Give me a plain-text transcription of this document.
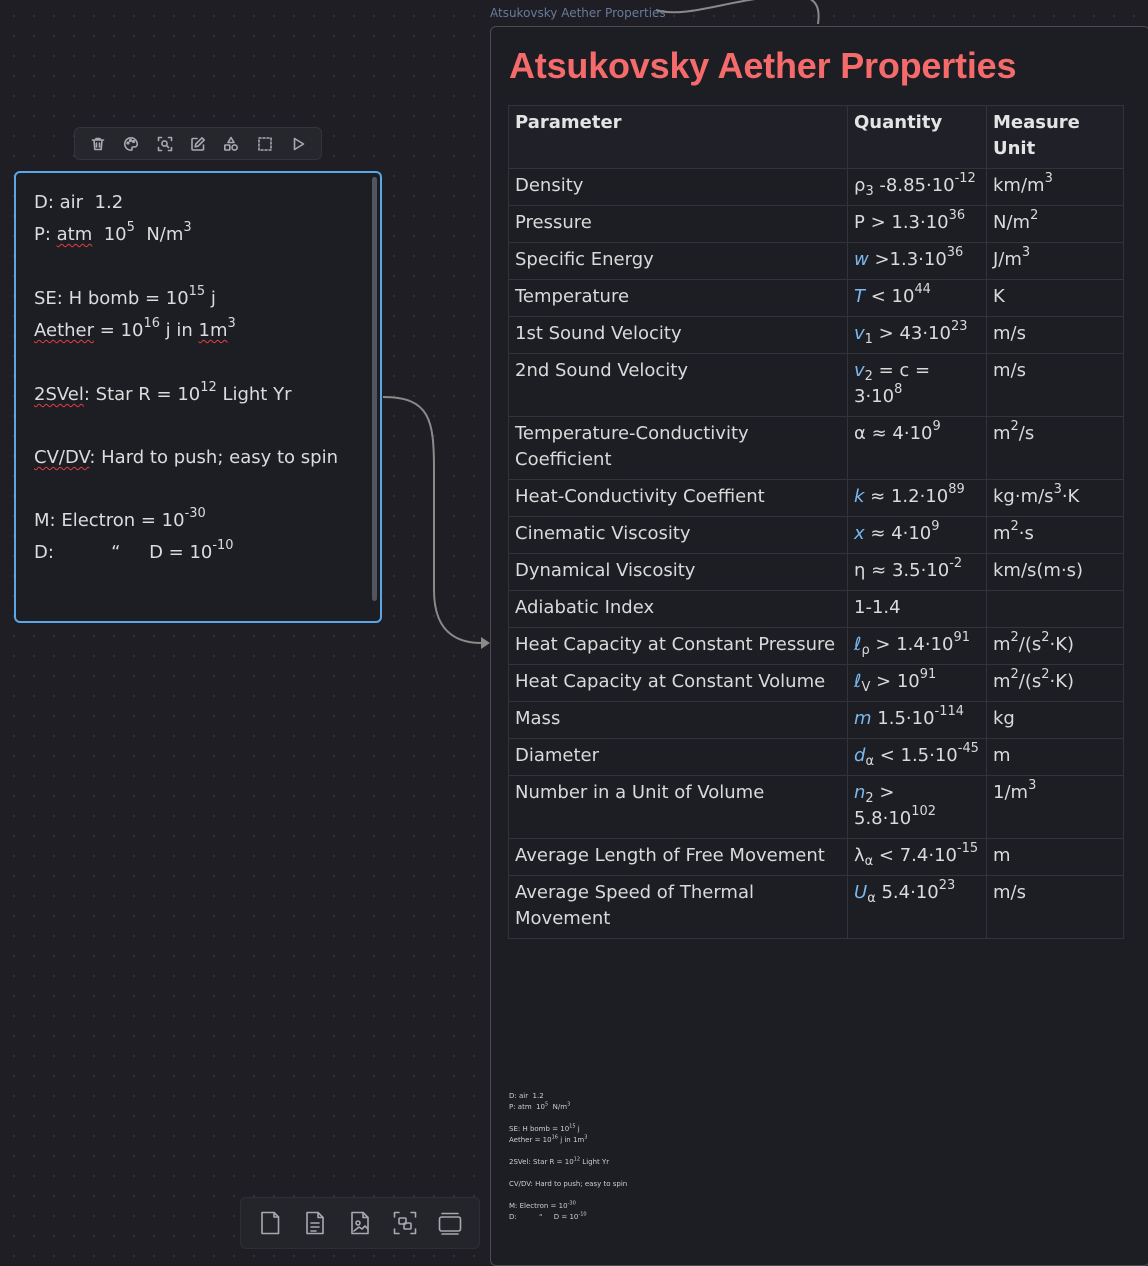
D: air  1.2
P: atm  $10^5$  $N/m^3$
SE: H bomb = $10^{15}$ j
Aether = $10^{16}$ j in $1m^3$
2SVel: Star $R = 10^{12}$ Light Yr
CV/DV: Hard to push; easy to spin
M: Electron = $10^{-30}$
D:          “     $D = 10^{-10}$
Atsukovsky Aether Properties
Atsukovsky Aether Properties
Parameter	Quantity	Measure Unit
Density	$\rho_3$ $-8.85\cdot 10^{-12}$	$km/m^3$
Pressure	$P > 1.3\cdot 10^{36}$	$N/m^2$
Specific Energy	$w >1.3\cdot 10^{36}$	$J/m^3$
Temperature	$T < 10^{44}$	K
1st Sound Velocity	$v_1 > 43\cdot 10^{23}$	m/s
2nd Sound Velocity	$v_2 = c = 3\cdot 10^8$	m/s
Temperature-Conductivity Coefficient	$\alpha \approx 4\cdot 10^9$	$m^2/s$
Heat-Conductivity Coeffient	$k \approx 1.2\cdot 10^{89}$	$kg\cdot m/s^3\cdot K$
Cinematic Viscosity	$x \approx 4\cdot 10^9$	$m^2\cdot s$
Dynamical Viscosity	$\eta \approx 3.5\cdot 10^{-2}$	km/s(m·s)
Adiabatic Index	1-1.4	
Heat Capacity at Constant Pressure	ℓ$_\rho$ > $1.4\cdot 10^{91}$	$m^2/(s^2\cdot K)$
Heat Capacity at Constant Volume	ℓ$_V$ > $10^{91}$	$m^2/(s^2\cdot K)$
Mass	m $1.5\cdot 10^{-114}$	kg
Diameter	$d_\alpha < 1.5\cdot 10^{-45}$	m
Number in a Unit of Volume	$n_2 > 5.8\cdot 10^{102}$	$1/m^3$
Average Length of Free Movement	$\lambda_\alpha < 7.4\cdot 10^{-15}$	m
Average Speed of Thermal Movement	$U_\alpha$ $5.4\cdot 10^{23}$	m/s
D: air  1.2
P: atm  $10^5$  $N/m^3$
SE: H bomb = $10^{15}$ j
Aether = $10^{16}$ j in $1m^3$
2SVel: Star $R = 10^{12}$ Light Yr
CV/DV: Hard to push; easy to spin
M: Electron = $10^{-30}$
D:          “     $D = 10^{-10}$
